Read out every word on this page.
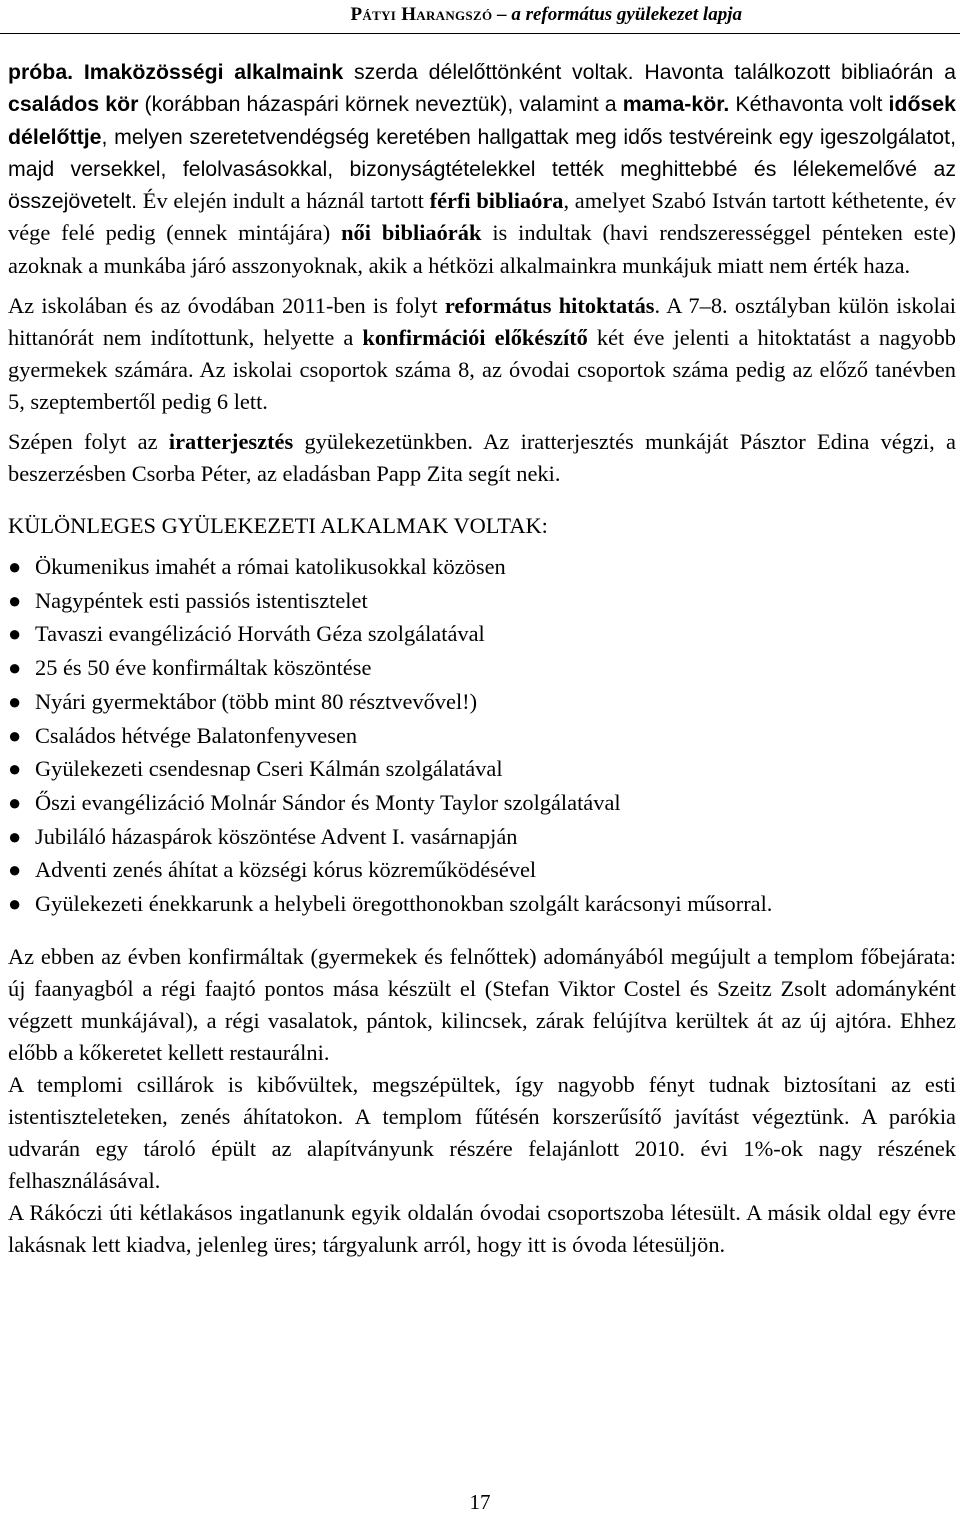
Pátyi Harangszó – a református gyülekezet lapja

próba. Imaközösségi alkalmaink szerda délelőttönként voltak. Havonta találkozott bibliaórán a családos kör (korábban házaspári körnek neveztük), valamint a mama-kör. Kéthavonta volt idősek délelőttje, melyen szeretetvendégség keretében hallgattak meg idős testvéreink egy igeszolgálatot, majd versekkel, felolvasásokkal, bizonyságtételekkel tették meghittebbé és lélekemelővé az összejövetelt. Év elején indult a háznál tartott férfi bibliaóra, amelyet Szabó István tartott kéthetente, év vége felé pedig (ennek mintájára) női bibliaórák is indultak (havi rendszerességgel pénteken este) azoknak a munkába járó asszonyoknak, akik a hétközi alkalmainkra munkájuk miatt nem érték haza.

Az iskolában és az óvodában 2011-ben is folyt református hitoktatás. A 7–8. osztályban külön iskolai hittanórát nem indítottunk, helyette a konfirmációi előkészítő két éve jelenti a hitoktatást a nagyobb gyermekek számára. Az iskolai csoportok száma 8, az óvodai csoportok száma pedig az előző tanévben 5, szeptembertől pedig 6 lett.

Szépen folyt az iratterjesztés gyülekezetünkben. Az iratterjesztés munkáját Pásztor Edina végzi, a beszerzésben Csorba Péter, az eladásban Papp Zita segít neki.

KÜLÖNLEGES GYÜLEKEZETI ALKALMAK VOLTAK:

● Ökumenikus imahét a római katolikusokkal közösen
● Nagypéntek esti passiós istentisztelet
● Tavaszi evangélizáció Horváth Géza szolgálatával
● 25 és 50 éve konfirmáltak köszöntése
● Nyári gyermektábor (több mint 80 résztvevővel!)
● Családos hétvége Balatonfenyvesen
● Gyülekezeti csendesnap Cseri Kálmán szolgálatával
● Őszi evangélizáció Molnár Sándor és Monty Taylor szolgálatával
● Jubiláló házaspárok köszöntése Advent I. vasárnapján
● Adventi zenés áhítat a községi kórus közreműködésével
● Gyülekezeti énekkarunk a helybeli öregotthonokban szolgált karácsonyi műsorral.

Az ebben az évben konfirmáltak (gyermekek és felnőttek) adományából megújult a templom főbejárata: új faanyagból a régi faajtó pontos mása készült el (Stefan Viktor Costel és Szeitz Zsolt adományként végzett munkájával), a régi vasalatok, pántok, kilincsek, zárak felújítva kerültek át az új ajtóra. Ehhez előbb a kőkeretet kellett restaurálni.

A templomi csillárok is kibővültek, megszépültek, így nagyobb fényt tudnak biztosítani az esti istentiszteleteken, zenés áhítatokon. A templom fűtésén korszerűsítő javítást végeztünk. A parókia udvarán egy tároló épült az alapítványunk részére felajánlott 2010. évi 1%-ok nagy részének felhasználásával.

A Rákóczi úti kétlakásos ingatlanunk egyik oldalán óvodai csoportszoba létesült. A másik oldal egy évre lakásnak lett kiadva, jelenleg üres; tárgyalunk arról, hogy itt is óvoda létesüljön.

17
